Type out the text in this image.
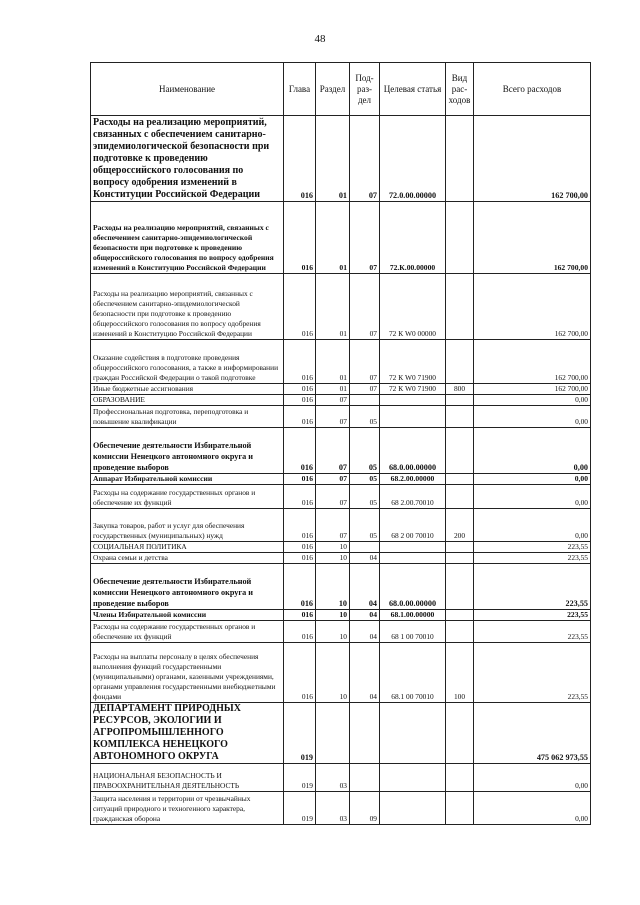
48
Наименование	Глава	Раздел	Под-раз-дел	Целевая статья	Вид рас-ходов	Всего расходов
Расходы на реализацию мероприятий, связанных с обеспечением санитарно-эпидемиологической безопасности при подготовке к проведению общероссийского голосования по вопросу одобрения изменений в Конституции Российской Федерации	016	01	07	72.0.00.00000		162 700,00
Расходы на реализацию мероприятий, связанных с обеспечением санитарно-эпидемиологической безопасности при подготовке к проведению общероссийского голосования по вопросу одобрения изменений в Конституцию Российской Федерации	016	01	07	72.К.00.00000		162 700,00
Расходы на реализацию мероприятий, связанных с обеспечением санитарно-эпидемиологической безопасности при подготовке к проведению общероссийского голосования по вопросу одобрения изменений в Конституцию Российской Федерации	016	01	07	72 К W0 00000		162 700,00
Оказание содействия в подготовке проведения общероссийского голосования, а также в информировании граждан Российской Федерации о такой подготовке	016	01	07	72 К W0 71900		162 700,00
Иные бюджетные ассигнования	016	01	07	72 К W0 71900	800	162 700,00
ОБРАЗОВАНИЕ	016	07				0,00
Профессиональная подготовка, переподготовка и повышение квалификации	016	07	05			0,00
Обеспечение деятельности Избирательной комиссии Ненецкого автономного округа и проведение выборов	016	07	05	68.0.00.00000		0,00
Аппарат Избирательной комиссии	016	07	05	68.2.00.00000		0,00
Расходы на содержание государственных органов и обеспечение их функций	016	07	05	68 2.00.70010		0,00
Закупка товаров, работ и услуг для обеспечения государственных (муниципальных) нужд	016	07	05	68 2 00 70010	200	0,00
СОЦИАЛЬНАЯ ПОЛИТИКА	016	10				223,55
Охрана семьи и детства	016	10	04			223,55
Обеспечение деятельности Избирательной комиссии Ненецкого автономного округа и проведение выборов	016	10	04	68.0.00.00000		223,55
Члены Избирательной комиссии	016	10	04	68.1.00.00000		223,55
Расходы на содержание государственных органов и обеспечение их функций	016	10	04	68 1 00 70010		223,55
Расходы на выплаты персоналу в целях обеспечения выполнения функций государственными (муниципальными) органами, казенными учреждениями, органами управления государственными внебюджетными фондами	016	10	04	68.1 00 70010	100	223,55
ДЕПАРТАМЕНТ ПРИРОДНЫХ РЕСУРСОВ, ЭКОЛОГИИ И АГРОПРОМЫШЛЕННОГО КОМПЛЕКСА НЕНЕЦКОГО АВТОНОМНОГО ОКРУГА	019					475 062 973,55
НАЦИОНАЛЬНАЯ БЕЗОПАСНОСТЬ И ПРАВООХРАНИТЕЛЬНАЯ ДЕЯТЕЛЬНОСТЬ	019	03				0,00
Защита населения и территории от чрезвычайных ситуаций природного и техногенного характера, гражданская оборона	019	03	09			0,00
